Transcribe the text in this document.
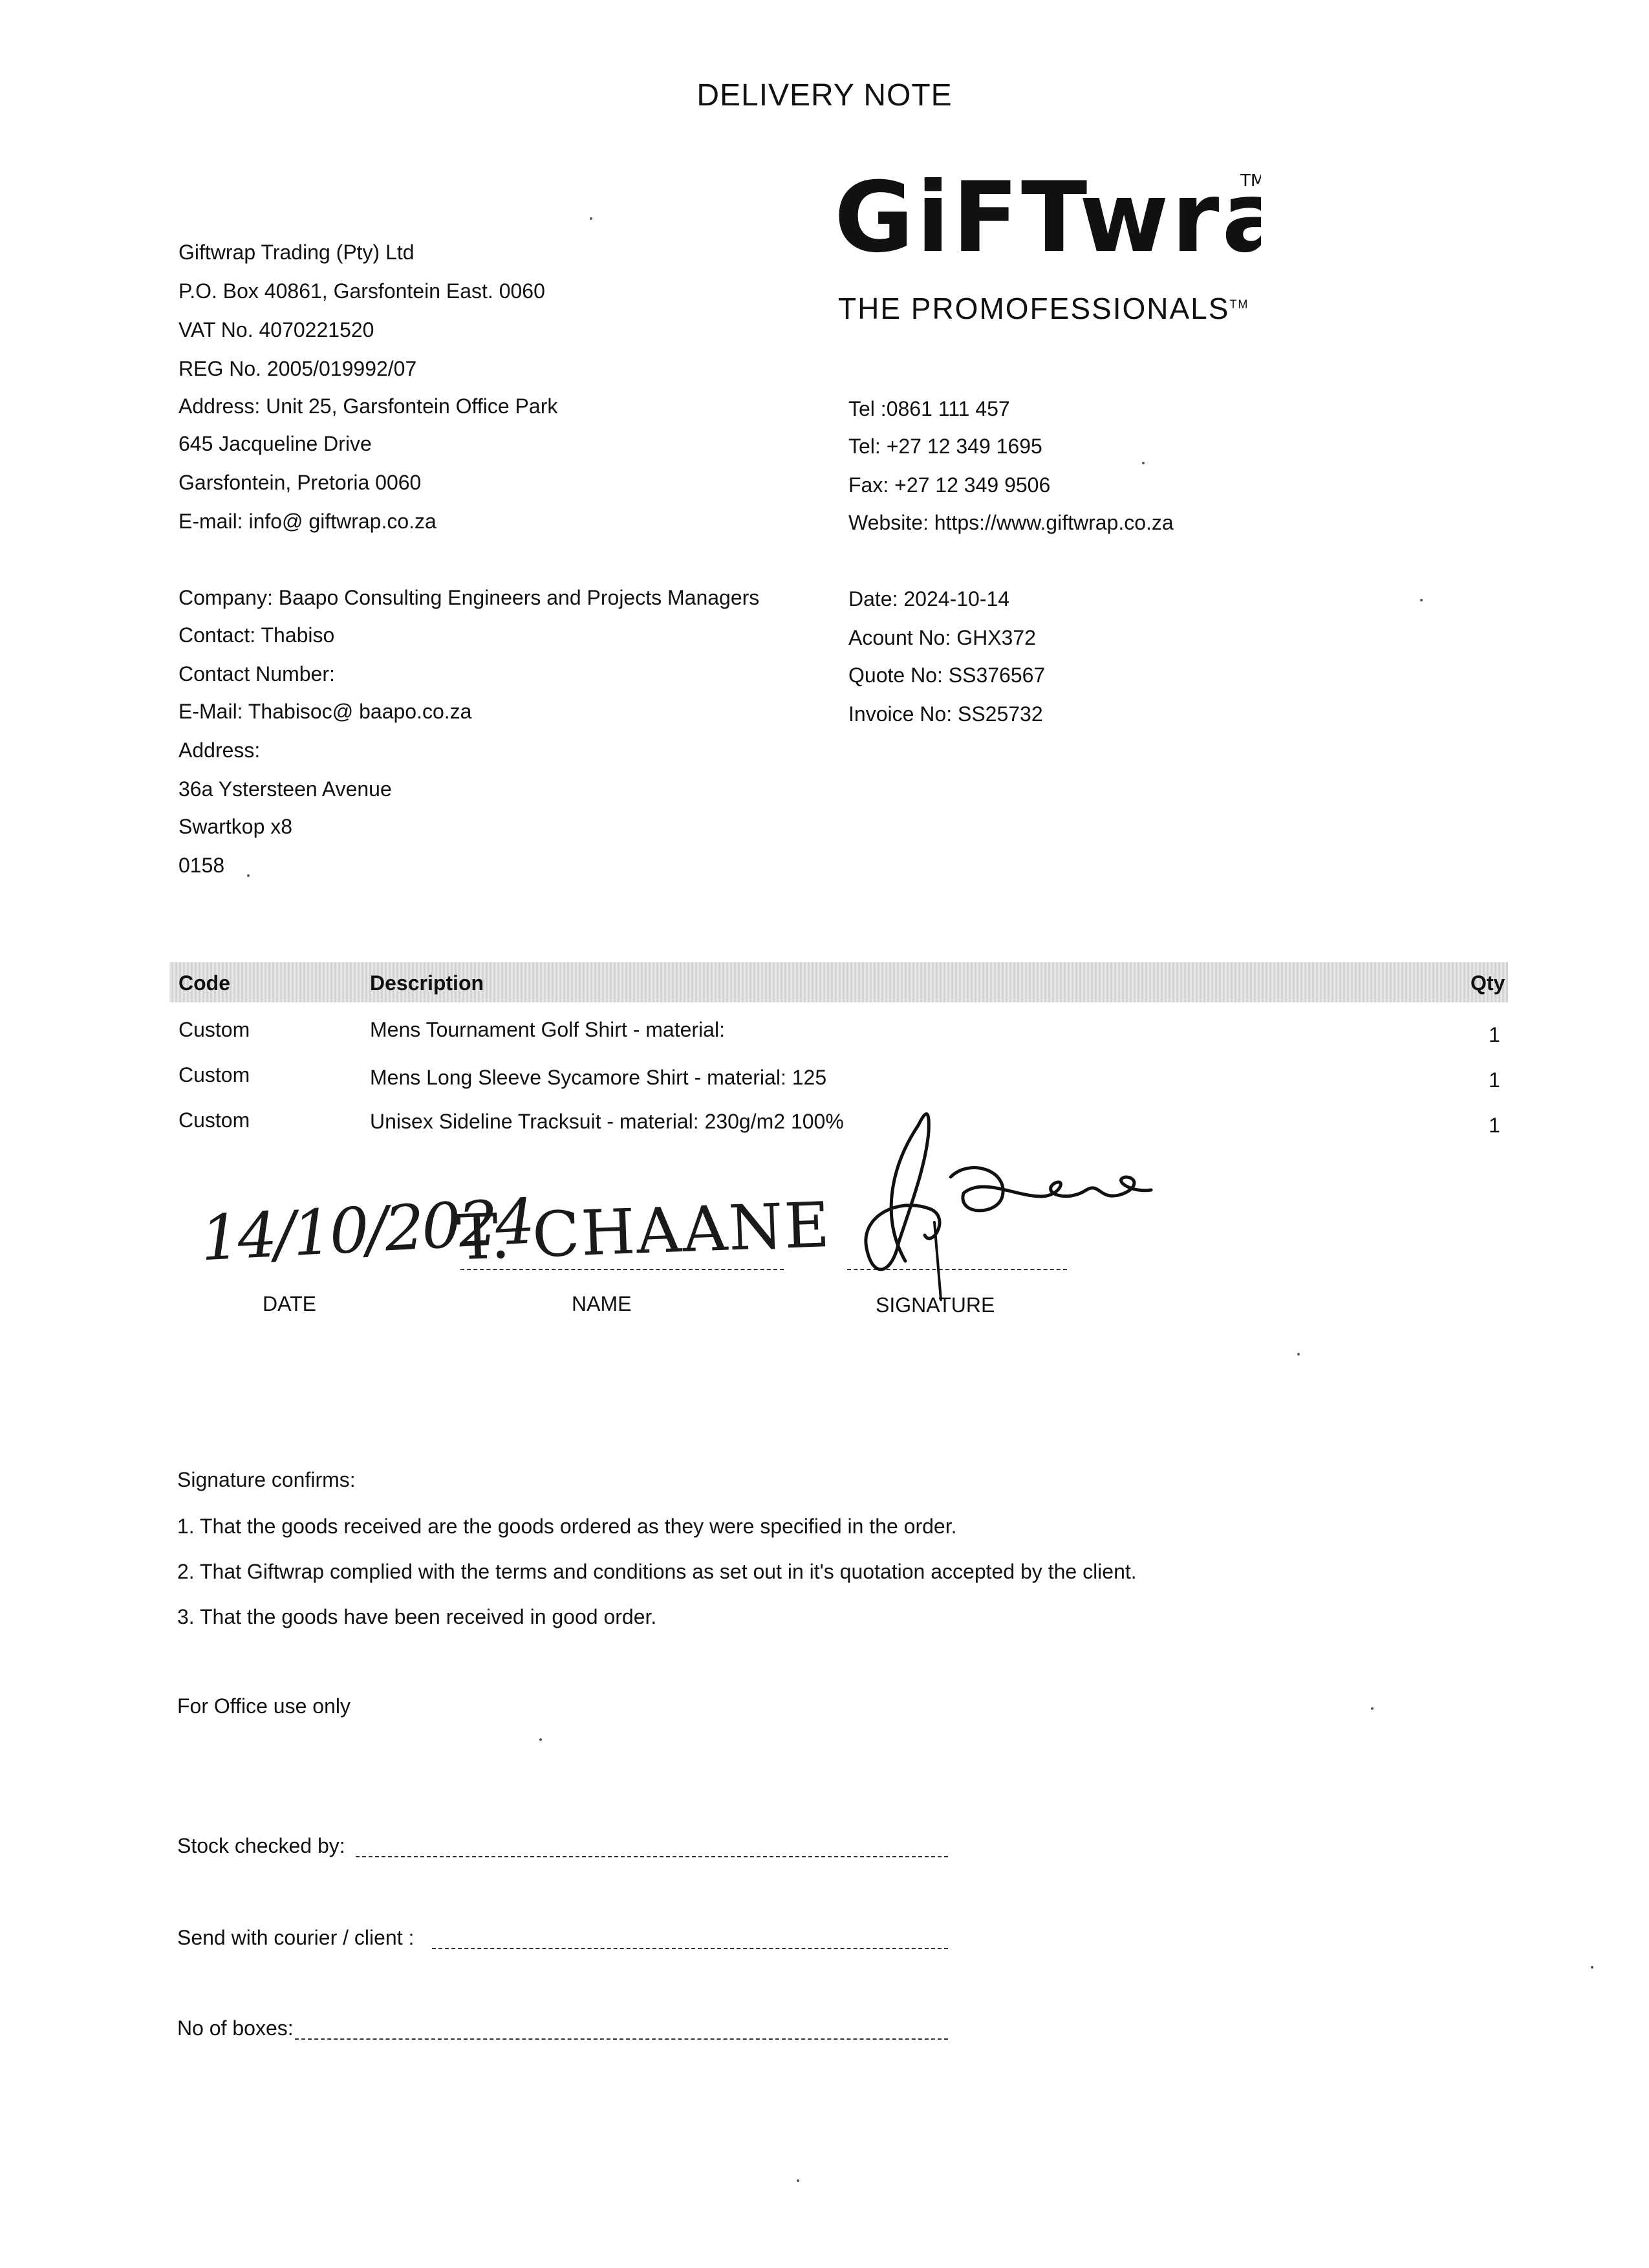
DELIVERY NOTE
GiFTwra
TM
THE PROMOFESSIONALS™
Giftwrap Trading (Pty) Ltd
P.O. Box 40861, Garsfontein East. 0060
VAT No. 4070221520
REG No. 2005/019992/07
Address: Unit 25, Garsfontein Office Park
645 Jacqueline Drive
Garsfontein, Pretoria 0060
E-mail: info@ giftwrap.co.za
Tel :0861 111 457
Tel: +27 12 349 1695
Fax: +27 12 349 9506
Website: https://www.giftwrap.co.za
Company: Baapo Consulting Engineers and Projects Managers
Contact: Thabiso
Contact Number:
E-Mail: Thabisoc@ baapo.co.za
Address:
36a Ystersteen Avenue
Swartkop x8
0158
Date: 2024-10-14
Acount No: GHX372
Quote No: SS376567
Invoice No: SS25732
Code	Description	Qty
Custom	Mens Tournament Golf Shirt - material:	1
Custom	Mens Long Sleeve Sycamore Shirt - material: 125	1
Custom	Unisex Sideline Tracksuit - material: 230g/m2 100%	1
14/10/2024
T. CHAANE
DATE	NAME	SIGNATURE
Signature confirms:
1. That the goods received are the goods ordered as they were specified in the order.
2. That Giftwrap complied with the terms and conditions as set out in it's quotation accepted by the client.
3. That the goods have been received in good order.
For Office use only
Stock checked by:
Send with courier / client :
No of boxes:
